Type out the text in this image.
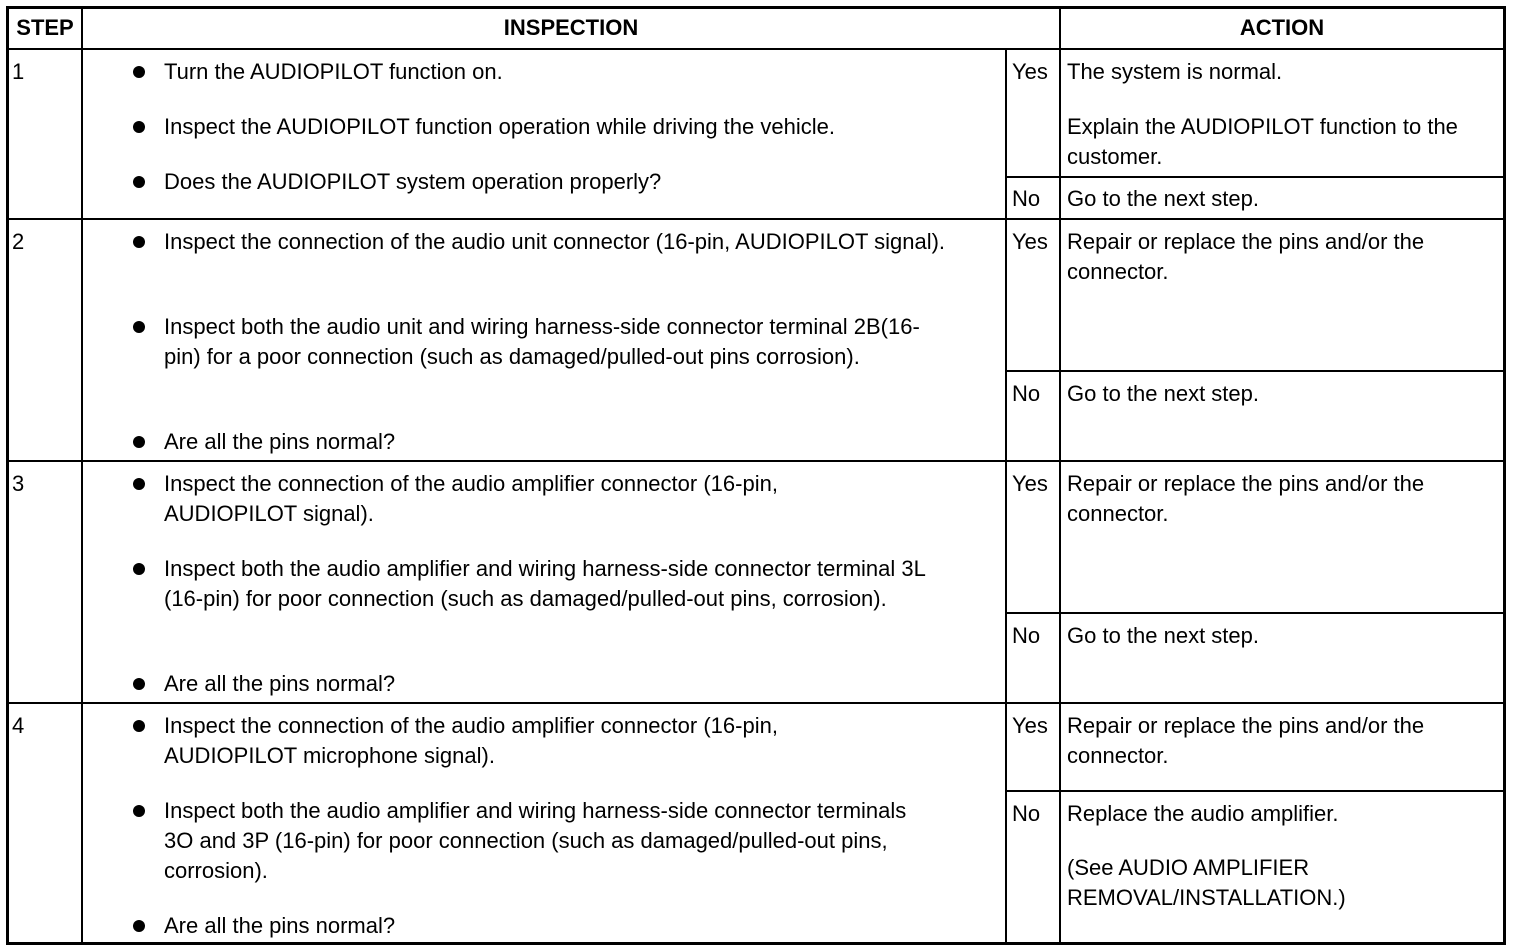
STEP	INSPECTION	ACTION
1	Turn the AUDIOPILOT function on.
Inspect the AUDIOPILOT function operation while driving the vehicle.
Does the AUDIOPILOT system operation properly?
Yes The system is normal.
Explain the AUDIOPILOT function to the customer.
No Go to the next step.
2	Inspect the connection of the audio unit connector (16-pin, AUDIOPILOT signal).
Inspect both the audio unit and wiring harness-side connector terminal 2B(16-pin) for a poor connection (such as damaged/pulled-out pins corrosion).
Are all the pins normal?
Yes Repair or replace the pins and/or the connector.
No Go to the next step.
3	Inspect the connection of the audio amplifier connector (16-pin, AUDIOPILOT signal).
Inspect both the audio amplifier and wiring harness-side connector terminal 3L (16-pin) for poor connection (such as damaged/pulled-out pins, corrosion).
Are all the pins normal?
Yes Repair or replace the pins and/or the connector.
No Go to the next step.
4	Inspect the connection of the audio amplifier connector (16-pin, AUDIOPILOT microphone signal).
Inspect both the audio amplifier and wiring harness-side connector terminals 3O and 3P (16-pin) for poor connection (such as damaged/pulled-out pins, corrosion).
Are all the pins normal?
Yes Repair or replace the pins and/or the connector.
No Replace the audio amplifier.
(See AUDIO AMPLIFIER REMOVAL/INSTALLATION.)
